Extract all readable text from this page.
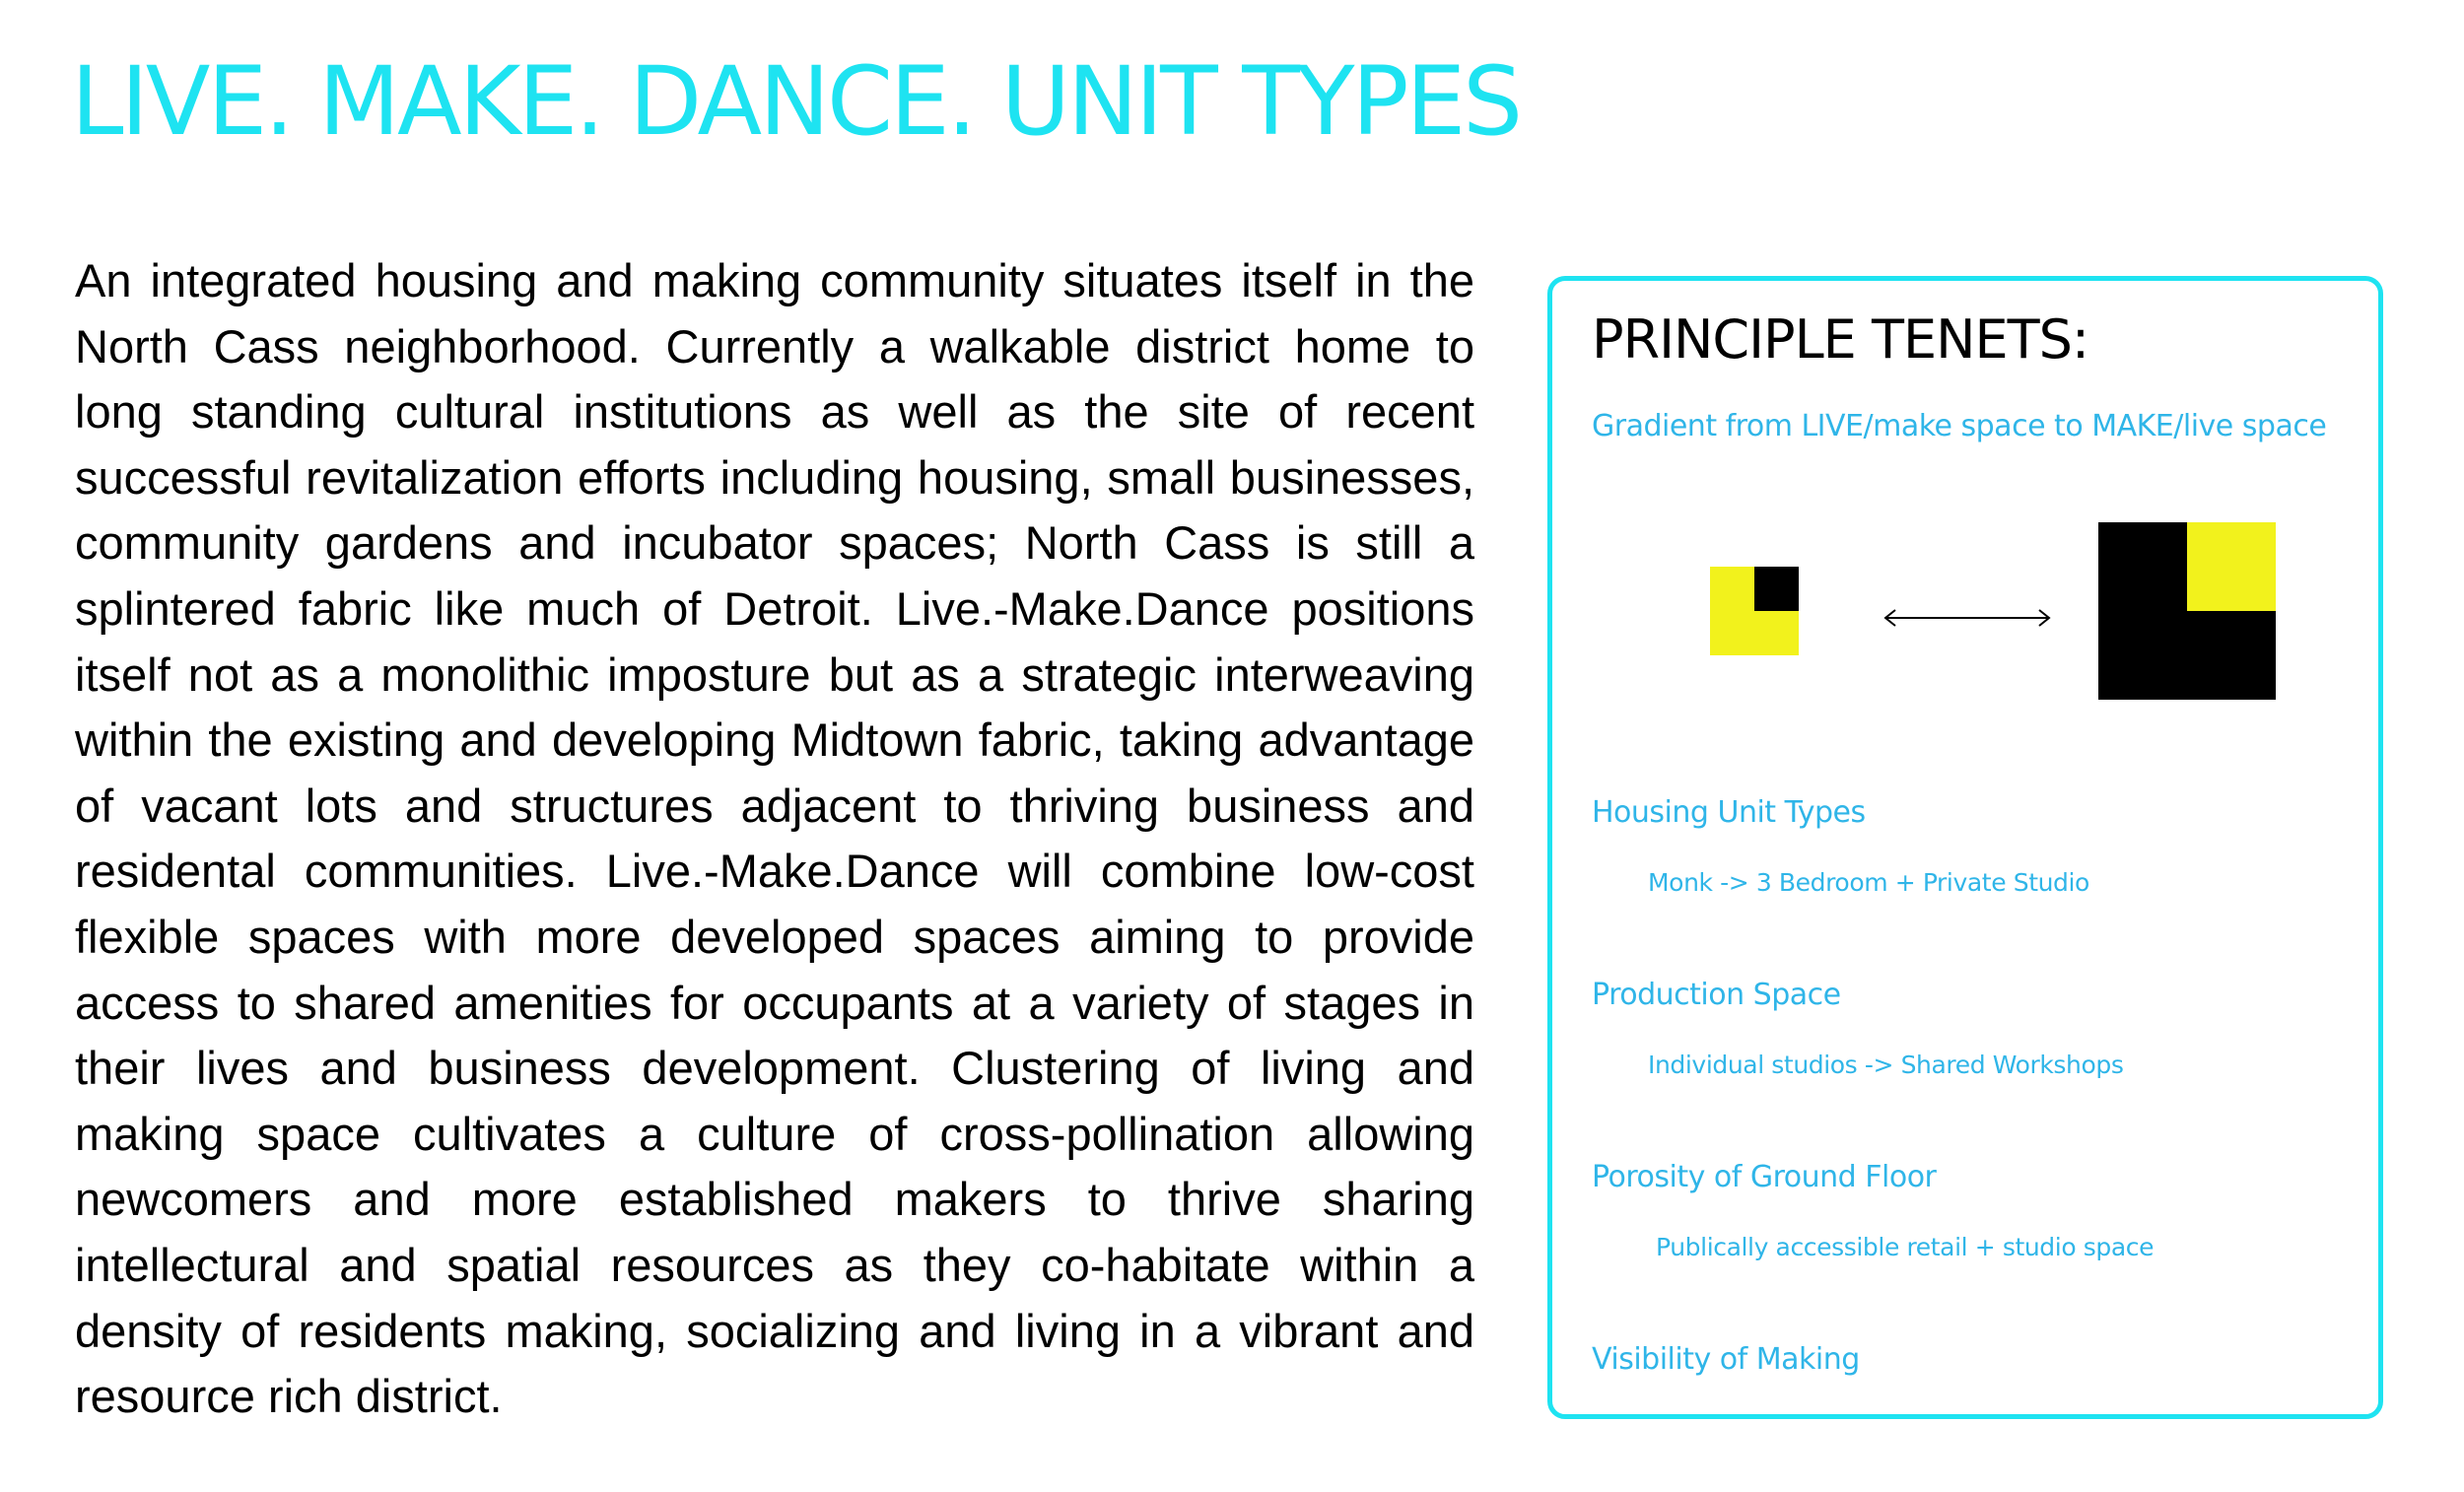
LIVE. MAKE. DANCE. UNIT TYPES

An integrated housing and making community situates itself in the North Cass neighborhood. Currently a walkable district home to long standing cultural institutions as well as the site of recent successful revitalization efforts including housing, small businesses, community gardens and incubator spaces; North Cass is still a splintered fabric like much of Detroit. Live.-Make.Dance positions itself not as a monolithic imposture but as a strategic interweaving within the existing and developing Midtown fabric, taking advantage of vacant lots and structures adjacent to thriving business and residental communities. Live.-Make.Dance will combine low-cost flexible spaces with more developed spaces aiming to provide access to shared amenities for occupants at a variety of stages in their lives and business development. Clustering of living and making space cultivates a culture of cross-pollination allowing newcomers and more established makers to thrive sharing intellectural and spatial resources as they co-habitate within a density of residents making, socializing and living in a vibrant and resource rich district.

PRINCIPLE TENETS:
Gradient from LIVE/make space to MAKE/live space
Housing Unit Types
Monk -> 3 Bedroom + Private Studio
Production Space
Individual studios -> Shared Workshops
Porosity of Ground Floor
Publically accessible retail + studio space
Visibility of Making
